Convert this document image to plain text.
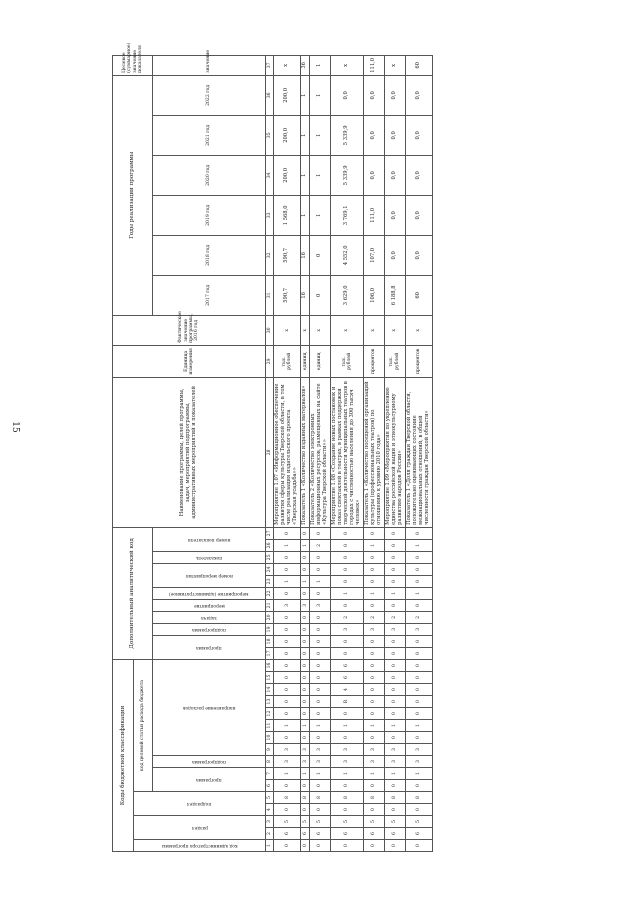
15
Коды бюджетной классификации																Дополнительный аналитический код											Наименование программы, целей программы, задач, мероприятий подпрограммы, административных мероприятий и показателей	Единица измерения	Фактическое значение программы, 2016 год	Годы реализации программы						Целевое (суммарное) значение показателя

код администратора программы	раздел		подраздел		код целевой статьи расхода бюджета																															

					программа		подпрограмма	направление расходов								программа		подпрограмма	задача	мероприятие	мероприятие (административное)	номер мероприятия		показатель	номер показателя					2017 год	2018 год	2019 год	2020 год	2021 год	2022 год	значение
1	2	3	4	5	6	7	8	9	10	11	12	13	14	15	16	17	18	19	20	21	22	23	24	25	26	27	28	29	30	31	32	33	34	35	36	37
0	6	5	0	8	0	1	3	3	0	1	0	0	0	0	0	0	0	0	0	3	0	1	0	0	1	0	Мероприятие 1.07 «Информационное обеспечение развития сферы культуры Тверской области, в том числе реализация издательского проекта «Тверская усадьба»»	тыс. рублей	х	590,7	590,7	1 568,0	200,0	200,0	200,0	х
0	6	5	0	8	0	1	3	3	0	1	0	0	0	0	0	0	0	0	0	3	0	1	0	0	1	0	Показатель 1 «Количество изданных материалов»	единиц	х	16	16	1	1	1	1	36
0	6	5	0	8	0	1	3	3	0	1	0	0	0	0	0	0	0	0	0	3	0	1	0	0	2	0	Показатель 2 «Количество электронных информационных ресурсов, размещенных на сайте «Культура Тверской области»»	единиц	х	0	0	1	1	1	1	1
0	6	5	0	8	0	1	3	3	0	1	0	R	4	6	6	0	0	3	2	0	1	0	0	0	0	0	Мероприятие 1.08 «Создание новых постановок и показ спектаклей в театрах, в рамках поддержки творческой деятельности муниципальных театров в городах с численностью населения до 300 тысяч человек»	тыс. рублей	х	3 629,0	4 552,0	3 769,1	5 339,9	5 339,9	0,0	х
0	6	5	0	8	0	1	3	3	0	1	0	0	0	0	0	0	0	3	2	0	1	0	0	0	1	0	Показатель 1 «Количество посещений организаций культуры (профессиональных театров) по отношению к уровню 2010 года»	процентов	х	106,0	107,0	111,0	0,0	0,0	0,0	111,0
0	6	5	0	8	0	1	3	3	0	1	0	0	0	0	0	0	0	3	2	0	1	0	0	0	0	0	Мероприятие 1.09 «Мероприятия по укреплению единства российской нации и этнокультурному развитию народов России»	тыс. рублей	х	6 188,8	0,0	0,0	0,0	0,0	0,0	х
0	6	5	0	8	0	1	3	3	0	1	0	0	0	0	0	0	0	3	2	0	1	0	0	0	1	0	Показатель 1 «Доля граждан Тверской области, положительно оценивающих состояние межнациональных отношений, в общей численности граждан Тверской области»	процентов	х	60	0,0	0,0	0,0	0,0	0,0	60
